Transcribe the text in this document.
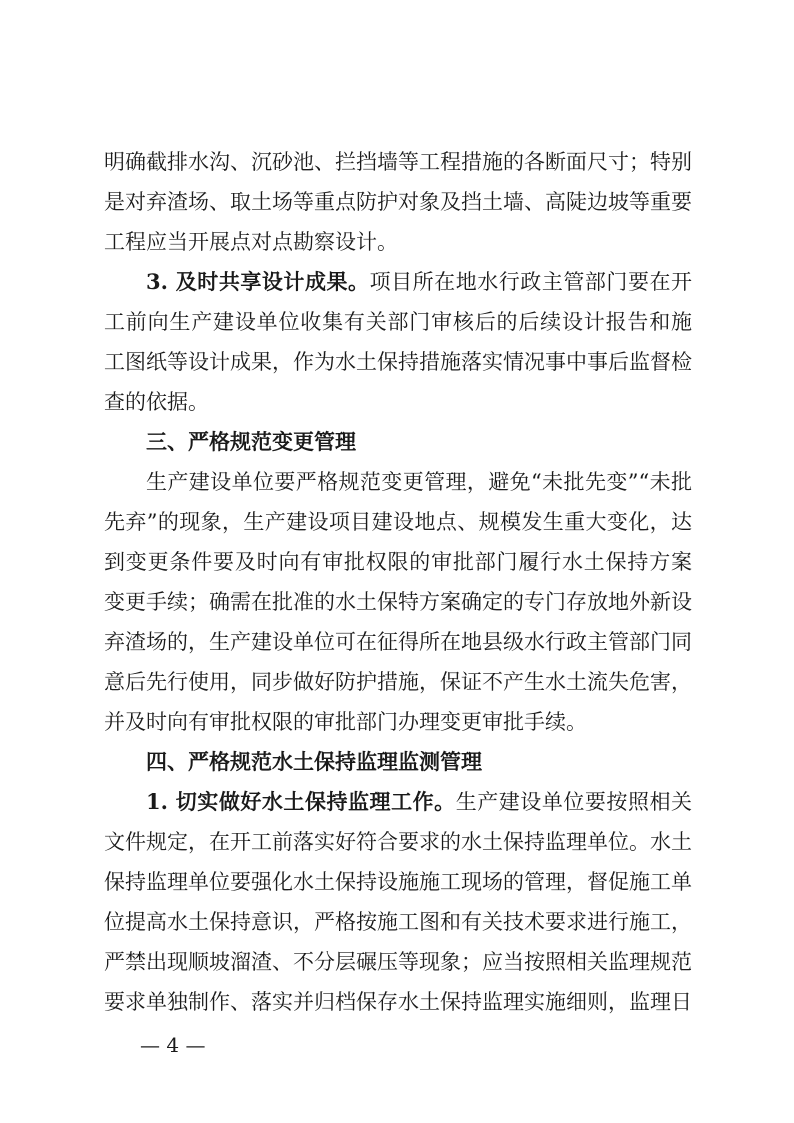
明确截排水沟、沉砂池、拦挡墙等工程措施的各断面尺寸；特别
是对弃渣场、取土场等重点防护对象及挡土墙、高陡边坡等重要
工程应当开展点对点勘察设计。
3. 及时共享设计成果。项目所在地水行政主管部门要在开
工前向生产建设单位收集有关部门审核后的后续设计报告和施
工图纸等设计成果，作为水土保持措施落实情况事中事后监督检
查的依据。
三、严格规范变更管理
生产建设单位要严格规范变更管理，避免“未批先变”“未批
先弃”的现象，生产建设项目建设地点、规模发生重大变化，达
到变更条件要及时向有审批权限的审批部门履行水土保持方案
变更手续；确需在批准的水土保特方案确定的专门存放地外新设
弃渣场的，生产建设单位可在征得所在地县级水行政主管部门同
意后先行使用，同步做好防护措施，保证不产生水土流失危害，
并及时向有审批权限的审批部门办理变更审批手续。
四、严格规范水土保持监理监测管理
1. 切实做好水土保持监理工作。生产建设单位要按照相关
文件规定，在开工前落实好符合要求的水土保持监理单位。水土
保持监理单位要强化水土保持设施施工现场的管理，督促施工单
位提高水土保持意识，严格按施工图和有关技术要求进行施工，
严禁出现顺坡溜渣、不分层碾压等现象；应当按照相关监理规范
要求单独制作、落实并归档保存水土保持监理实施细则，监理日
— 4 —
